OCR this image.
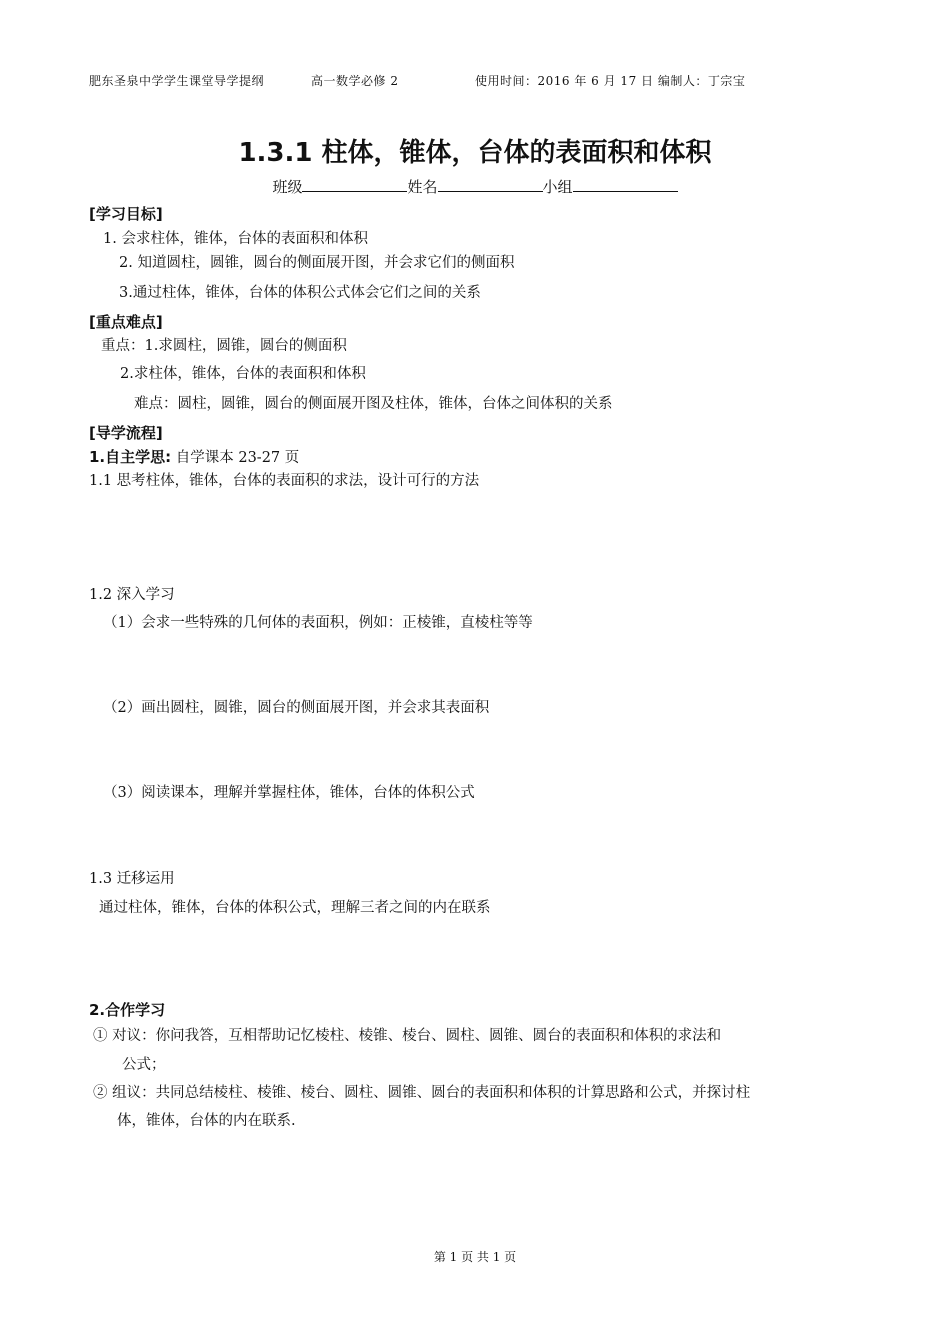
肥东圣泉中学学生课堂导学提纲	高一数学必修 2	使用时间：2016 年 6 月 17 日 编制人：丁宗宝
1.3.1 柱体，锥体，台体的表面积和体积
班级	姓名	小组
[学习目标]
1. 会求柱体，锥体，台体的表面积和体积
2. 知道圆柱，圆锥，圆台的侧面展开图，并会求它们的侧面积
3.通过柱体，锥体，台体的体积公式体会它们之间的关系
[重点难点]
重点：1.求圆柱，圆锥，圆台的侧面积
2.求柱体，锥体，台体的表面积和体积
难点：圆柱，圆锥，圆台的侧面展开图及柱体，锥体，台体之间体积的关系
[导学流程]
1.自主学思: 自学课本 23-27 页
1.1 思考柱体，锥体，台体的表面积的求法，设计可行的方法
1.2 深入学习
（1）会求一些特殊的几何体的表面积，例如：正棱锥，直棱柱等等
（2）画出圆柱，圆锥，圆台的侧面展开图，并会求其表面积
（3）阅读课本，理解并掌握柱体，锥体，台体的体积公式
1.3 迁移运用
通过柱体，锥体，台体的体积公式，理解三者之间的内在联系
2.合作学习
① 对议：你问我答，互相帮助记忆棱柱、棱锥、棱台、圆柱、圆锥、圆台的表面积和体积的求法和
公式；
② 组议：共同总结棱柱、棱锥、棱台、圆柱、圆锥、圆台的表面积和体积的计算思路和公式，并探讨柱
体，锥体，台体的内在联系.
第 1 页 共 1 页
